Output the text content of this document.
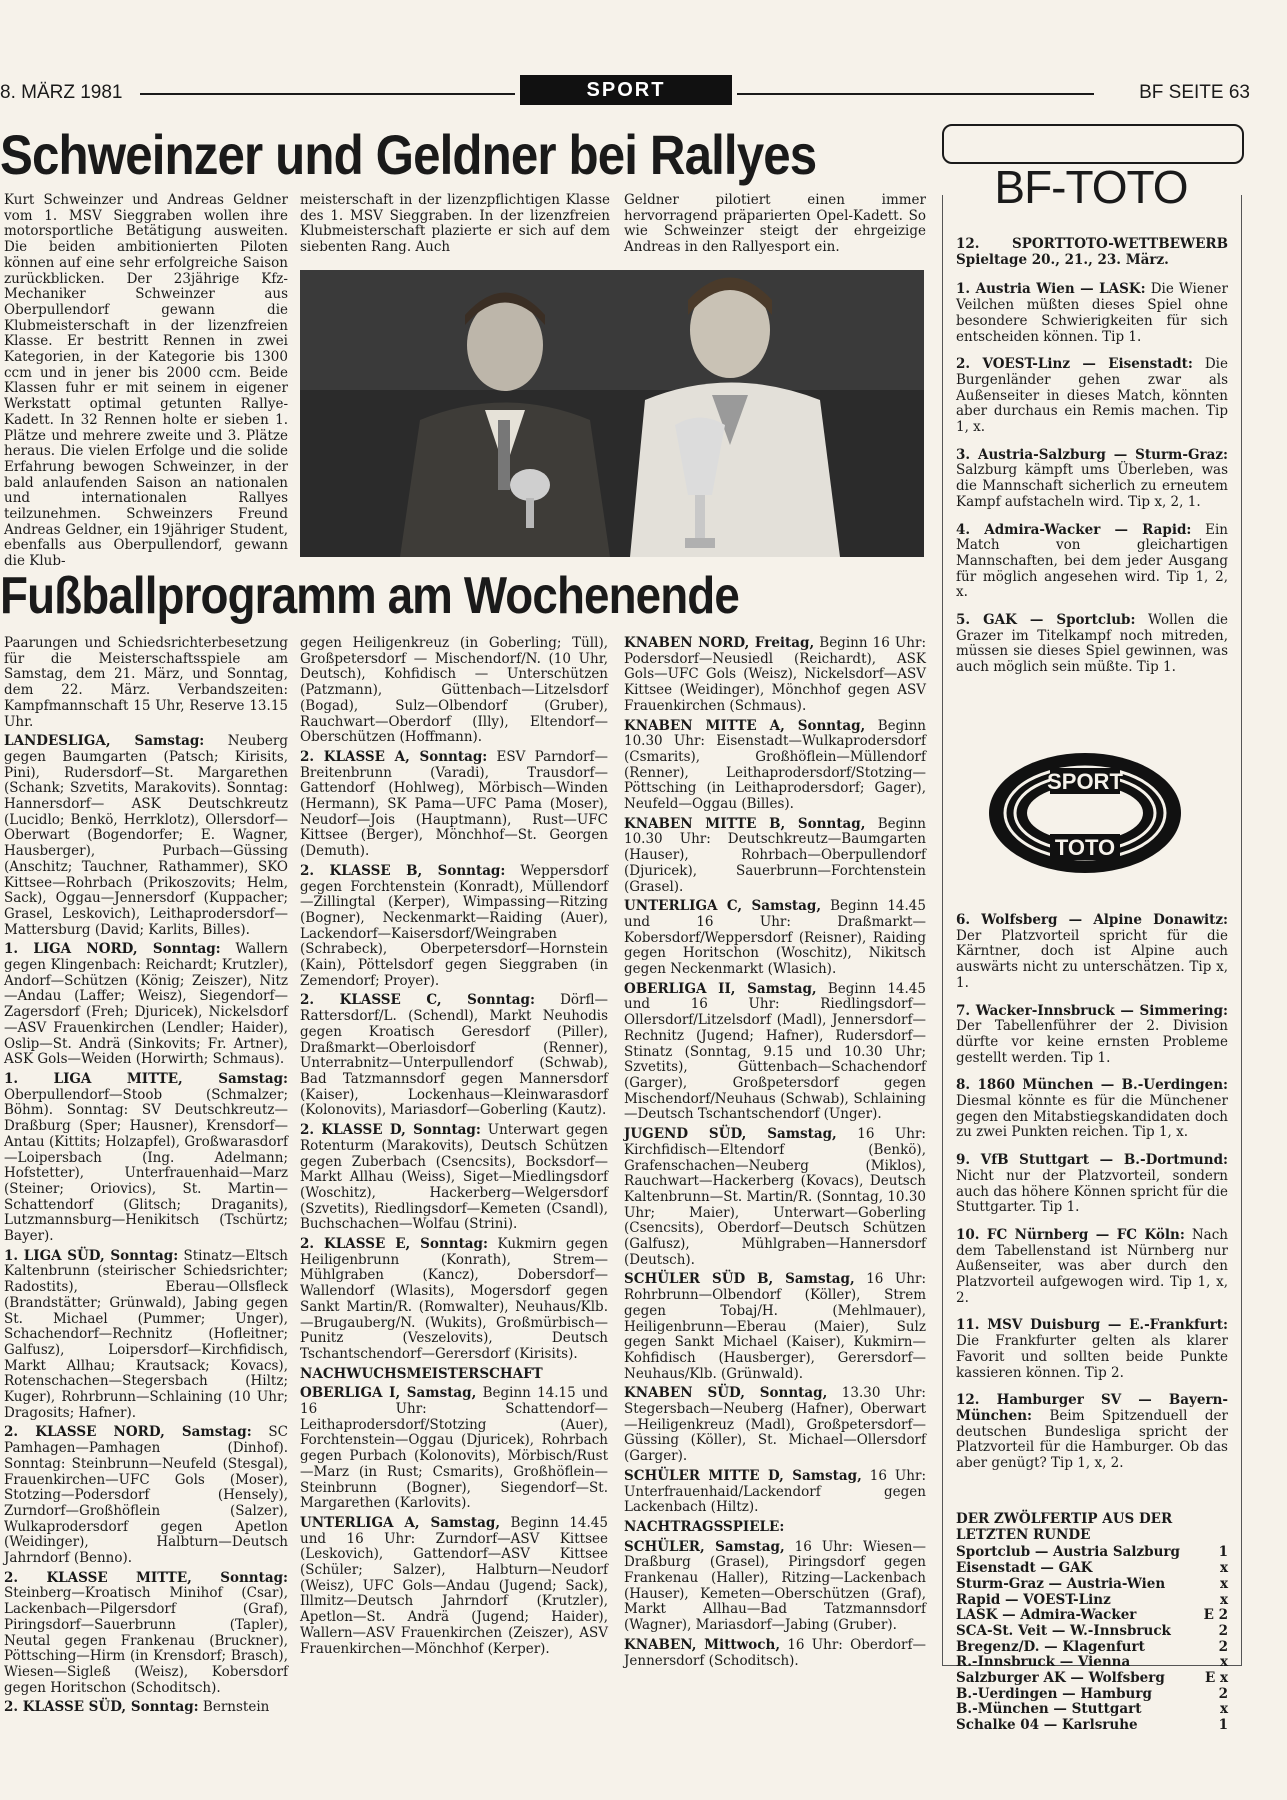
8. MÄRZ 1981	SPORT	BF SEITE 63
Schweinzer und Geldner bei Rallyes

Kurt Schweinzer und Andreas Geldner vom 1. MSV Sieggraben wollen ihre motorsportliche Betätigung ausweiten. Die beiden ambitionierten Piloten können auf eine sehr erfolgreiche Saison zurückblicken. Der 23jährige Kfz-Mechaniker Schweinzer aus Oberpullendorf gewann die Klubmeisterschaft in der lizenzfreien Klasse. Er bestritt Rennen in zwei Kategorien, in der Kategorie bis 1300 ccm und in jener bis 2000 ccm. Beide Klassen fuhr er mit seinem in eigener Werkstatt optimal getunten Rallye-Kadett. In 32 Rennen holte er sieben 1. Plätze und mehrere zweite und 3. Plätze heraus. Die vielen Erfolge und die solide Erfahrung bewogen Schweinzer, in der bald anlaufenden Saison an nationalen und internationalen Rallyes teilzunehmen. Schweinzers Freund Andreas Geldner, ein 19jähriger Student, ebenfalls aus Oberpullendorf, gewann die Klub-

meisterschaft in der lizenzpflichtigen Klasse des 1. MSV Sieggraben. In der lizenzfreien Klubmeisterschaft plazierte er sich auf dem siebenten Rang. Auch

Geldner pilotiert einen immer hervorragend präparierten Opel-Kadett. So wie Schweinzer steigt der ehrgeizige Andreas in den Rallyesport ein.

Fußballprogramm am Wochenende

Paarungen und Schiedsrichterbesetzung für die Meisterschaftsspiele am Samstag, dem 21. März, und Sonntag, dem 22. März. Verbandszeiten: Kampfmannschaft 15 Uhr, Reserve 13.15 Uhr.

LANDESLIGA, Samstag: Neuberg gegen Baumgarten (Patsch; Kirisits, Pini), Rudersdorf—St. Margarethen (Schank; Szvetits, Marakovits). Sonntag: Hannersdorf— ASK Deutschkreutz (Lucidlo; Benkö, Herrklotz), Ollersdorf—Oberwart (Bogendorfer; E. Wagner, Hausberger), Purbach—Güssing (Anschitz; Tauchner, Rathammer), SKO Kittsee—Rohrbach (Prikoszovits; Helm, Sack), Oggau—Jennersdorf (Kuppacher; Grasel, Leskovich), Leithaprodersdorf—Mattersburg (David; Karlits, Billes).

1. LIGA NORD, Sonntag: Wallern gegen Klingenbach: Reichardt; Krutzler), Andorf—Schützen (König; Zeiszer), Nitz—Andau (Laffer; Weisz), Siegendorf—Zagersdorf (Freh; Djuricek), Nickelsdorf—ASV Frauenkirchen (Lendler; Haider), Oslip—St. Andrä (Sinkovits; Fr. Artner), ASK Gols—Weiden (Horwirth; Schmaus).

1. LIGA MITTE, Samstag: Oberpullendorf—Stoob (Schmalzer; Böhm). Sonntag: SV Deutschkreutz—Draßburg (Sper; Hausner), Krensdorf—Antau (Kittits; Holzapfel), Großwarasdorf—Loipersbach (Ing. Adelmann; Hofstetter), Unterfrauenhaid—Marz (Steiner; Oriovics), St. Martin—Schattendorf (Glitsch; Draganits), Lutzmannsburg—Henikitsch (Tschürtz; Bayer).

1. LIGA SÜD, Sonntag: Stinatz—Eltsch Kaltenbrunn (steirischer Schiedsrichter; Radostits), Eberau—Ollsfleck (Brandstätter; Grünwald), Jabing gegen St. Michael (Pummer; Unger), Schachendorf—Rechnitz (Hofleitner; Galfusz), Loipersdorf—Kirchfidisch, Markt Allhau; Krautsack; Kovacs), Rotenschachen—Stegersbach (Hiltz; Kuger), Rohrbrunn—Schlaining (10 Uhr; Dragosits; Hafner).

2. KLASSE NORD, Samstag: SC Pamhagen—Pamhagen (Dinhof). Sonntag: Steinbrunn—Neufeld (Stesgal), Frauenkirchen—UFC Gols (Moser), Stotzing—Podersdorf (Hensely), Zurndorf—Großhöflein (Salzer), Wulkaprodersdorf gegen Apetlon (Weidinger), Halbturn—Deutsch Jahrndorf (Benno).

2. KLASSE MITTE, Sonntag: Steinberg—Kroatisch Minihof (Csar), Lackenbach—Pilgersdorf (Graf), Piringsdorf—Sauerbrunn (Tapler), Neutal gegen Frankenau (Bruckner), Pöttsching—Hirm (in Krensdorf; Brasch), Wiesen—Sigleß (Weisz), Kobersdorf gegen Horitschon (Schoditsch).

2. KLASSE SÜD, Sonntag: Bernstein

gegen Heiligenkreuz (in Goberling; Tüll), Großpetersdorf — Mischendorf/N. (10 Uhr, Deutsch), Kohfidisch — Unterschützen (Patzmann), Güttenbach—Litzelsdorf (Bogad), Sulz—Olbendorf (Gruber), Rauchwart—Oberdorf (Illy), Eltendorf—Oberschützen (Hoffmann).

2. KLASSE A, Sonntag: ESV Parndorf—Breitenbrunn (Varadi), Trausdorf—Gattendorf (Hohlweg), Mörbisch—Winden (Hermann), SK Pama—UFC Pama (Moser), Neudorf—Jois (Hauptmann), Rust—UFC Kittsee (Berger), Mönchhof—St. Georgen (Demuth).

2. KLASSE B, Sonntag: Weppersdorf gegen Forchtenstein (Konradt), Müllendorf—Zillingtal (Kerper), Wimpassing—Ritzing (Bogner), Neckenmarkt—Raiding (Auer), Lackendorf—Kaisersdorf/Weingraben (Schrabeck), Oberpetersdorf—Hornstein (Kain), Pöttelsdorf gegen Sieggraben (in Zemendorf; Proyer).

2. KLASSE C, Sonntag: Dörfl—Rattersdorf/L. (Schendl), Markt Neuhodis gegen Kroatisch Geresdorf (Piller), Draßmarkt—Oberloisdorf (Renner), Unterrabnitz—Unterpullendorf (Schwab), Bad Tatzmannsdorf gegen Mannersdorf (Kaiser), Lockenhaus—Kleinwarasdorf (Kolonovits), Mariasdorf—Goberling (Kautz).

2. KLASSE D, Sonntag: Unterwart gegen Rotenturm (Marakovits), Deutsch Schützen gegen Zuberbach (Csencsits), Bocksdorf—Markt Allhau (Weiss), Siget—Miedlingsdorf (Woschitz), Hackerberg—Welgersdorf (Szvetits), Riedlingsdorf—Kemeten (Csandl), Buchschachen—Wolfau (Strini).

2. KLASSE E, Sonntag: Kukmirn gegen Heiligenbrunn (Konrath), Strem—Mühlgraben (Kancz), Dobersdorf—Wallendorf (Wlasits), Mogersdorf gegen Sankt Martin/R. (Romwalter), Neuhaus/Klb.—Brugauberg/N. (Wukits), Großmürbisch—Punitz (Veszelovits), Deutsch Tschantschendorf—Gerersdorf (Kirisits).

NACHWUCHSMEISTERSCHAFT

OBERLIGA I, Samstag, Beginn 14.15 und 16 Uhr: Schattendorf—Leithaprodersdorf/Stotzing (Auer), Forchtenstein—Oggau (Djuricek), Rohrbach gegen Purbach (Kolonovits), Mörbisch/Rust—Marz (in Rust; Csmarits), Großhöflein—Steinbrunn (Bogner), Siegendorf—St. Margarethen (Karlovits).

UNTERLIGA A, Samstag, Beginn 14.45 und 16 Uhr: Zurndorf—ASV Kittsee (Leskovich), Gattendorf—ASV Kittsee (Schüler; Salzer), Halbturn—Neudorf (Weisz), UFC Gols—Andau (Jugend; Sack), Illmitz—Deutsch Jahrndorf (Krutzler), Apetlon—St. Andrä (Jugend; Haider), Wallern—ASV Frauenkirchen (Zeiszer), ASV Frauenkirchen—Mönchhof (Kerper).

KNABEN NORD, Freitag, Beginn 16 Uhr: Podersdorf—Neusiedl (Reichardt), ASK Gols—UFC Gols (Weisz), Nickelsdorf—ASV Kittsee (Weidinger), Mönchhof gegen ASV Frauenkirchen (Schmaus).

KNABEN MITTE A, Sonntag, Beginn 10.30 Uhr: Eisenstadt—Wulkaprodersdorf (Csmarits), Großhöflein—Müllendorf (Renner), Leithaprodersdorf/Stotzing—Pöttsching (in Leithaprodersdorf; Gager), Neufeld—Oggau (Billes).

KNABEN MITTE B, Sonntag, Beginn 10.30 Uhr: Deutschkreutz—Baumgarten (Hauser), Rohrbach—Oberpullendorf (Djuricek), Sauerbrunn—Forchtenstein (Grasel).

UNTERLIGA C, Samstag, Beginn 14.45 und 16 Uhr: Draßmarkt—Kobersdorf/Weppersdorf (Reisner), Raiding gegen Horitschon (Woschitz), Nikitsch gegen Neckenmarkt (Wlasich).

OBERLIGA II, Samstag, Beginn 14.45 und 16 Uhr: Riedlingsdorf—Ollersdorf/Litzelsdorf (Madl), Jennersdorf—Rechnitz (Jugend; Hafner), Rudersdorf—Stinatz (Sonntag, 9.15 und 10.30 Uhr; Szvetits), Güttenbach—Schachendorf (Garger), Großpetersdorf gegen Mischendorf/Neuhaus (Schwab), Schlaining—Deutsch Tschantschendorf (Unger).

JUGEND SÜD, Samstag, 16 Uhr: Kirchfidisch—Eltendorf (Benkö), Grafenschachen—Neuberg (Miklos), Rauchwart—Hackerberg (Kovacs), Deutsch Kaltenbrunn—St. Martin/R. (Sonntag, 10.30 Uhr; Maier), Unterwart—Goberling (Csencsits), Oberdorf—Deutsch Schützen (Galfusz), Mühlgraben—Hannersdorf (Deutsch).

SCHÜLER SÜD B, Samstag, 16 Uhr: Rohrbrunn—Olbendorf (Köller), Strem gegen Tobaj/H. (Mehlmauer), Heiligenbrunn—Eberau (Maier), Sulz gegen Sankt Michael (Kaiser), Kukmirn—Kohfidisch (Hausberger), Gerersdorf—Neuhaus/Klb. (Grünwald).

KNABEN SÜD, Sonntag, 13.30 Uhr: Stegersbach—Neuberg (Hafner), Oberwart—Heiligenkreuz (Madl), Großpetersdorf—Güssing (Köller), St. Michael—Ollersdorf (Garger).

SCHÜLER MITTE D, Samstag, 16 Uhr: Unterfrauenhaid/Lackendorf gegen Lackenbach (Hiltz).

NACHTRAGSSPIELE:

SCHÜLER, Samstag, 16 Uhr: Wiesen—Draßburg (Grasel), Piringsdorf gegen Frankenau (Haller), Ritzing—Lackenbach (Hauser), Kemeten—Oberschützen (Graf), Markt Allhau—Bad Tatzmannsdorf (Wagner), Mariasdorf—Jabing (Gruber).

KNABEN, Mittwoch, 16 Uhr: Oberdorf—Jennersdorf (Schoditsch).

BF-TOTO

12. SPORTTOTO-WETTBEWERB Spieltage 20., 21., 23. März.

1. Austria Wien — LASK: Die Wiener Veilchen müßten dieses Spiel ohne besondere Schwierigkeiten für sich entscheiden können. Tip 1.

2. VOEST-Linz — Eisenstadt: Die Burgenländer gehen zwar als Außenseiter in dieses Match, könnten aber durchaus ein Remis machen. Tip 1, x.

3. Austria-Salzburg — Sturm-Graz: Salzburg kämpft ums Überleben, was die Mannschaft sicherlich zu erneutem Kampf aufstacheln wird. Tip x, 2, 1.

4. Admira-Wacker — Rapid: Ein Match von gleichartigen Mannschaften, bei dem jeder Ausgang für möglich angesehen wird. Tip 1, 2, x.

5. GAK — Sportclub: Wollen die Grazer im Titelkampf noch mitreden, müssen sie dieses Spiel gewinnen, was auch möglich sein müßte. Tip 1.

SPORT
TOTO

6. Wolfsberg — Alpine Donawitz: Der Platzvorteil spricht für die Kärntner, doch ist Alpine auch auswärts nicht zu unterschätzen. Tip x, 1.

7. Wacker-Innsbruck — Simmering: Der Tabellenführer der 2. Division dürfte vor keine ernsten Probleme gestellt werden. Tip 1.

8. 1860 München — B.-Uerdingen: Diesmal könnte es für die Münchener gegen den Mitabstiegskandidaten doch zu zwei Punkten reichen. Tip 1, x.

9. VfB Stuttgart — B.-Dortmund: Nicht nur der Platzvorteil, sondern auch das höhere Können spricht für die Stuttgarter. Tip 1.

10. FC Nürnberg — FC Köln: Nach dem Tabellenstand ist Nürnberg nur Außenseiter, was aber durch den Platzvorteil aufgewogen wird. Tip 1, x, 2.

11. MSV Duisburg — E.-Frankfurt: Die Frankfurter gelten als klarer Favorit und sollten beide Punkte kassieren können. Tip 2.

12. Hamburger SV — Bayern-München: Beim Spitzenduell der deutschen Bundesliga spricht der Platzvorteil für die Hamburger. Ob das aber genügt? Tip 1, x, 2.

DER ZWÖLFERTIP AUS DER LETZTEN RUNDE
Sportclub — Austria Salzburg	1
Eisenstadt — GAK	x
Sturm-Graz — Austria-Wien	x
Rapid — VOEST-Linz	x
LASK — Admira-Wacker	E 2
SCA-St. Veit — W.-Innsbruck	2
Bregenz/D. — Klagenfurt	2
R.-Innsbruck — Vienna	x
Salzburger AK — Wolfsberg	E x
B.-Uerdingen — Hamburg	2
B.-München — Stuttgart	x
Schalke 04 — Karlsruhe	1
